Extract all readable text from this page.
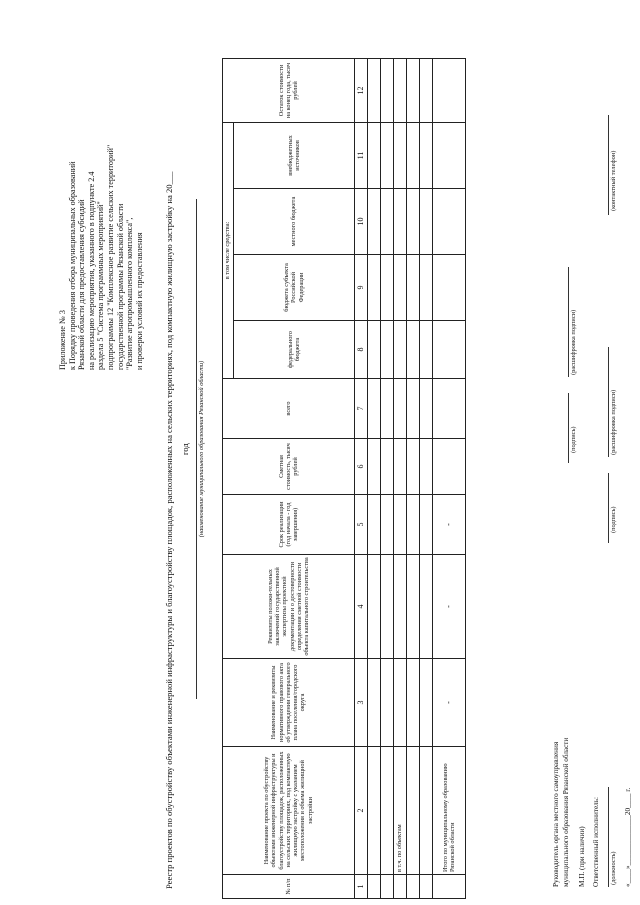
Приложение № 3 к Порядку проведения отбора муниципальных образований Рязанской области для предоставления субсидий на реализацию мероприятия, указанного в подпункте 2.4 раздела 5 "Система программных мероприятий" подпрограммы 12 "Комплексное развитие сельских территорий" государственной программы Рязанской области "Развитие агропромышленного комплекса", и проверки условий их предоставления Реестр проектов по обустройству объектами инженерной инфраструктуры и благоустройству площадок, расположенных на сельских территориях, под компактную жилищную застройку на 20___ год (наименование муниципального образования Рязанской области)
№ п/п	Наименование проекта по обустройству объектами инженерной инфраструктуры и благоустройству площадок, расположенных на сельских территориях, под компактную жилищную застройку с указанием местоположения и объема жилищной застройки	Наименование и реквизиты нормативного правового акта об утверждении генерального плана поселения/городского округа	Реквизиты положи-тельных заключений государственной экспертизы проектной документации и о достоверности определения сметной стоимости объекта капитального строительства	Срок реализации (год начала - год завершения)	Сметная стоимость, тысяч рублей	всего	в том числе средства:				Остаток стоимости на конец года, тысяч рублей
							федерального бюджета	бюджета субъекта Российской Федерации	местного бюджета	внебюджетных источников	
1	2	3	4	5	6	7	8	9	10	11	12

	в т.ч. по объектам										

	Итого по муниципальному образованию Рязанской области	-	-	-							
Руководитель органа местного самоуправления муниципального образования Рязанской области
(подпись)
(расшифровка подписи)
М.П. (при наличии) Ответственный исполнитель: (должность)
(подпись)
(расшифровка подписи)
(контактный телефон)
«____»______________20____ г.
